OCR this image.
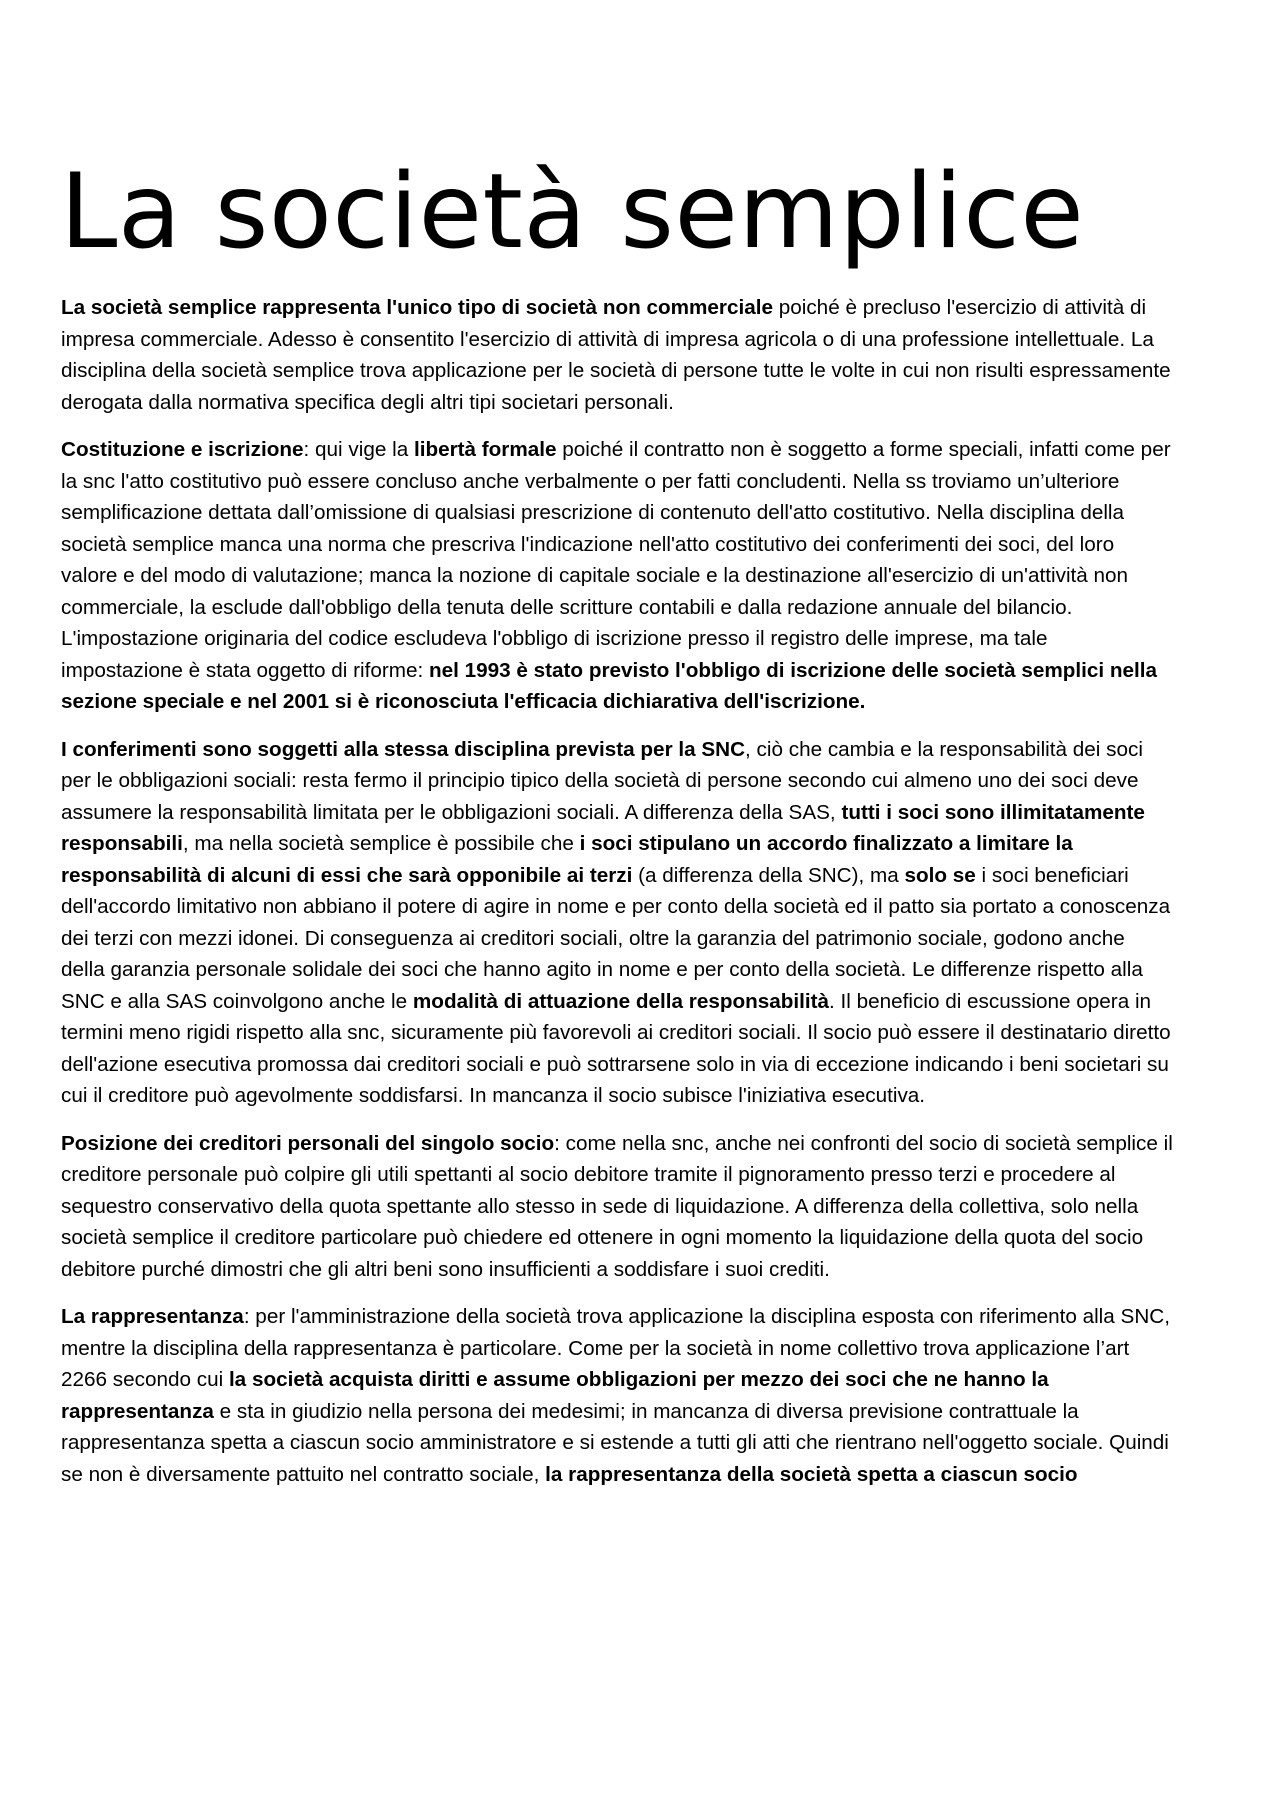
La società semplice

La società semplice rappresenta l'unico tipo di società non commerciale poiché è precluso l'esercizio di attività di impresa commerciale. Adesso è consentito l'esercizio di attività di impresa agricola o di una professione intellettuale. La disciplina della società semplice trova applicazione per le società di persone tutte le volte in cui non risulti espressamente derogata dalla normativa specifica degli altri tipi societari personali.

Costituzione e iscrizione: qui vige la libertà formale poiché il contratto non è soggetto a forme speciali, infatti come per la snc l'atto costitutivo può essere concluso anche verbalmente o per fatti concludenti. Nella ss troviamo un’ulteriore semplificazione dettata dall’omissione di qualsiasi prescrizione di contenuto dell'atto costitutivo. Nella disciplina della società semplice manca una norma che prescriva l'indicazione nell'atto costitutivo dei conferimenti dei soci, del loro valore e del modo di valutazione; manca la nozione di capitale sociale e la destinazione all'esercizio di un'attività non commerciale, la esclude dall'obbligo della tenuta delle scritture contabili e dalla redazione annuale del bilancio. L'impostazione originaria del codice escludeva l'obbligo di iscrizione presso il registro delle imprese, ma tale impostazione è stata oggetto di riforme: nel 1993 è stato previsto l'obbligo di iscrizione delle società semplici nella sezione speciale e nel 2001 si è riconosciuta l'efficacia dichiarativa dell'iscrizione.

I conferimenti sono soggetti alla stessa disciplina prevista per la SNC, ciò che cambia e la responsabilità dei soci per le obbligazioni sociali: resta fermo il principio tipico della società di persone secondo cui almeno uno dei soci deve assumere la responsabilità limitata per le obbligazioni sociali. A differenza della SAS, tutti i soci sono illimitatamente responsabili, ma nella società semplice è possibile che i soci stipulano un accordo finalizzato a limitare la responsabilità di alcuni di essi che sarà opponibile ai terzi (a differenza della SNC), ma solo se i soci beneficiari dell'accordo limitativo non abbiano il potere di agire in nome e per conto della società ed il patto sia portato a conoscenza dei terzi con mezzi idonei. Di conseguenza ai creditori sociali, oltre la garanzia del patrimonio sociale, godono anche della garanzia personale solidale dei soci che hanno agito in nome e per conto della società. Le differenze rispetto alla SNC e alla SAS coinvolgono anche le modalità di attuazione della responsabilità. Il beneficio di escussione opera in termini meno rigidi rispetto alla snc, sicuramente più favorevoli ai creditori sociali. Il socio può essere il destinatario diretto dell'azione esecutiva promossa dai creditori sociali e può sottrarsene solo in via di eccezione indicando i beni societari su cui il creditore può agevolmente soddisfarsi. In mancanza il socio subisce l'iniziativa esecutiva.

Posizione dei creditori personali del singolo socio: come nella snc, anche nei confronti del socio di società semplice il creditore personale può colpire gli utili spettanti al socio debitore tramite il pignoramento presso terzi e procedere al sequestro conservativo della quota spettante allo stesso in sede di liquidazione. A differenza della collettiva, solo nella società semplice il creditore particolare può chiedere ed ottenere in ogni momento la liquidazione della quota del socio debitore purché dimostri che gli altri beni sono insufficienti a soddisfare i suoi crediti.

La rappresentanza: per l'amministrazione della società trova applicazione la disciplina esposta con riferimento alla SNC, mentre la disciplina della rappresentanza è particolare. Come per la società in nome collettivo trova applicazione l’art 2266 secondo cui la società acquista diritti e assume obbligazioni per mezzo dei soci che ne hanno la rappresentanza e sta in giudizio nella persona dei medesimi; in mancanza di diversa previsione contrattuale la rappresentanza spetta a ciascun socio amministratore e si estende a tutti gli atti che rientrano nell'oggetto sociale. Quindi se non è diversamente pattuito nel contratto sociale, la rappresentanza della società spetta a ciascun socio
